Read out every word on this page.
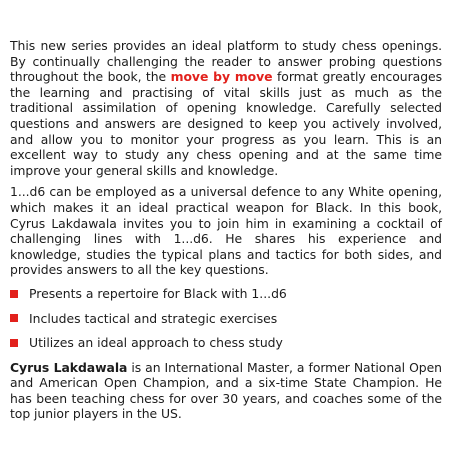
This new series provides an ideal platform to study chess openings. By continually challenging the reader to answer probing questions throughout the book, the move by move format greatly encourages the learning and practising of vital skills just as much as the traditional assimilation of opening knowledge. Carefully selected questions and answers are designed to keep you actively involved, and allow you to monitor your progress as you learn. This is an excellent way to study any chess opening and at the same time improve your general skills and knowledge.

1...d6 can be employed as a universal defence to any White opening, which makes it an ideal practical weapon for Black. In this book, Cyrus Lakdawala invites you to join him in examining a cocktail of challenging lines with 1...d6. He shares his experience and knowledge, studies the typical plans and tactics for both sides, and provides answers to all the key questions.

Presents a repertoire for Black with 1...d6
Includes tactical and strategic exercises
Utilizes an ideal approach to chess study

Cyrus Lakdawala is an International Master, a former National Open and American Open Champion, and a six-time State Champion. He has been teaching chess for over 30 years, and coaches some of the top junior players in the US.
